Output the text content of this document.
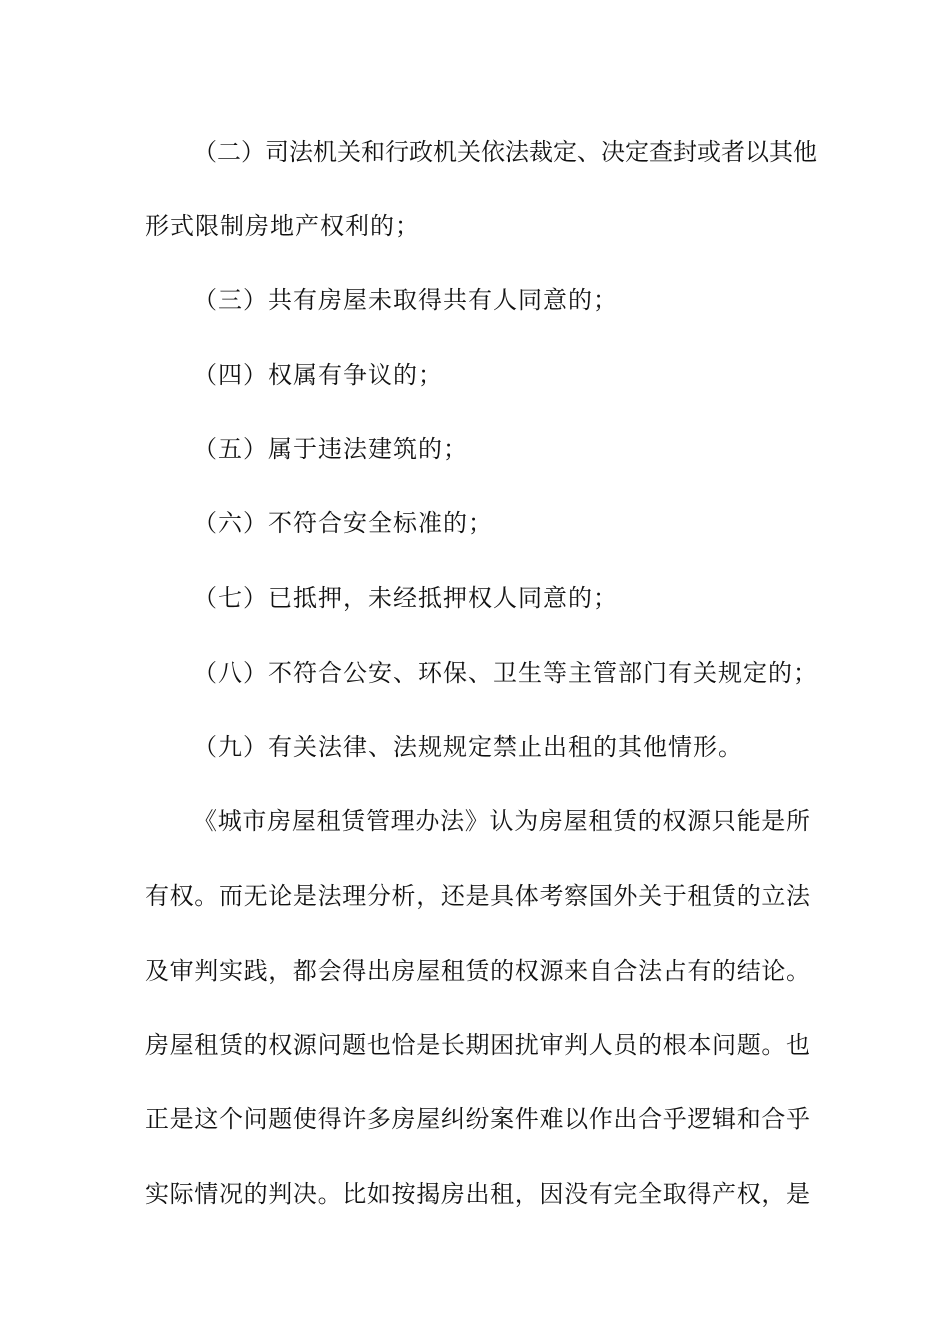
（二）司法机关和行政机关依法裁定、决定查封或者以其他
形式限制房地产权利的；
（三）共有房屋未取得共有人同意的；
（四）权属有争议的；
（五）属于违法建筑的；
（六）不符合安全标准的；
（七）已抵押，未经抵押权人同意的；
（八）不符合公安、环保、卫生等主管部门有关规定的；
（九）有关法律、法规规定禁止出租的其他情形。
《城市房屋租赁管理办法》认为房屋租赁的权源只能是所
有权。而无论是法理分析，还是具体考察国外关于租赁的立法
及审判实践，都会得出房屋租赁的权源来自合法占有的结论。
房屋租赁的权源问题也恰是长期困扰审判人员的根本问题。也
正是这个问题使得许多房屋纠纷案件难以作出合乎逻辑和合乎
实际情况的判决。比如按揭房出租，因没有完全取得产权，是
